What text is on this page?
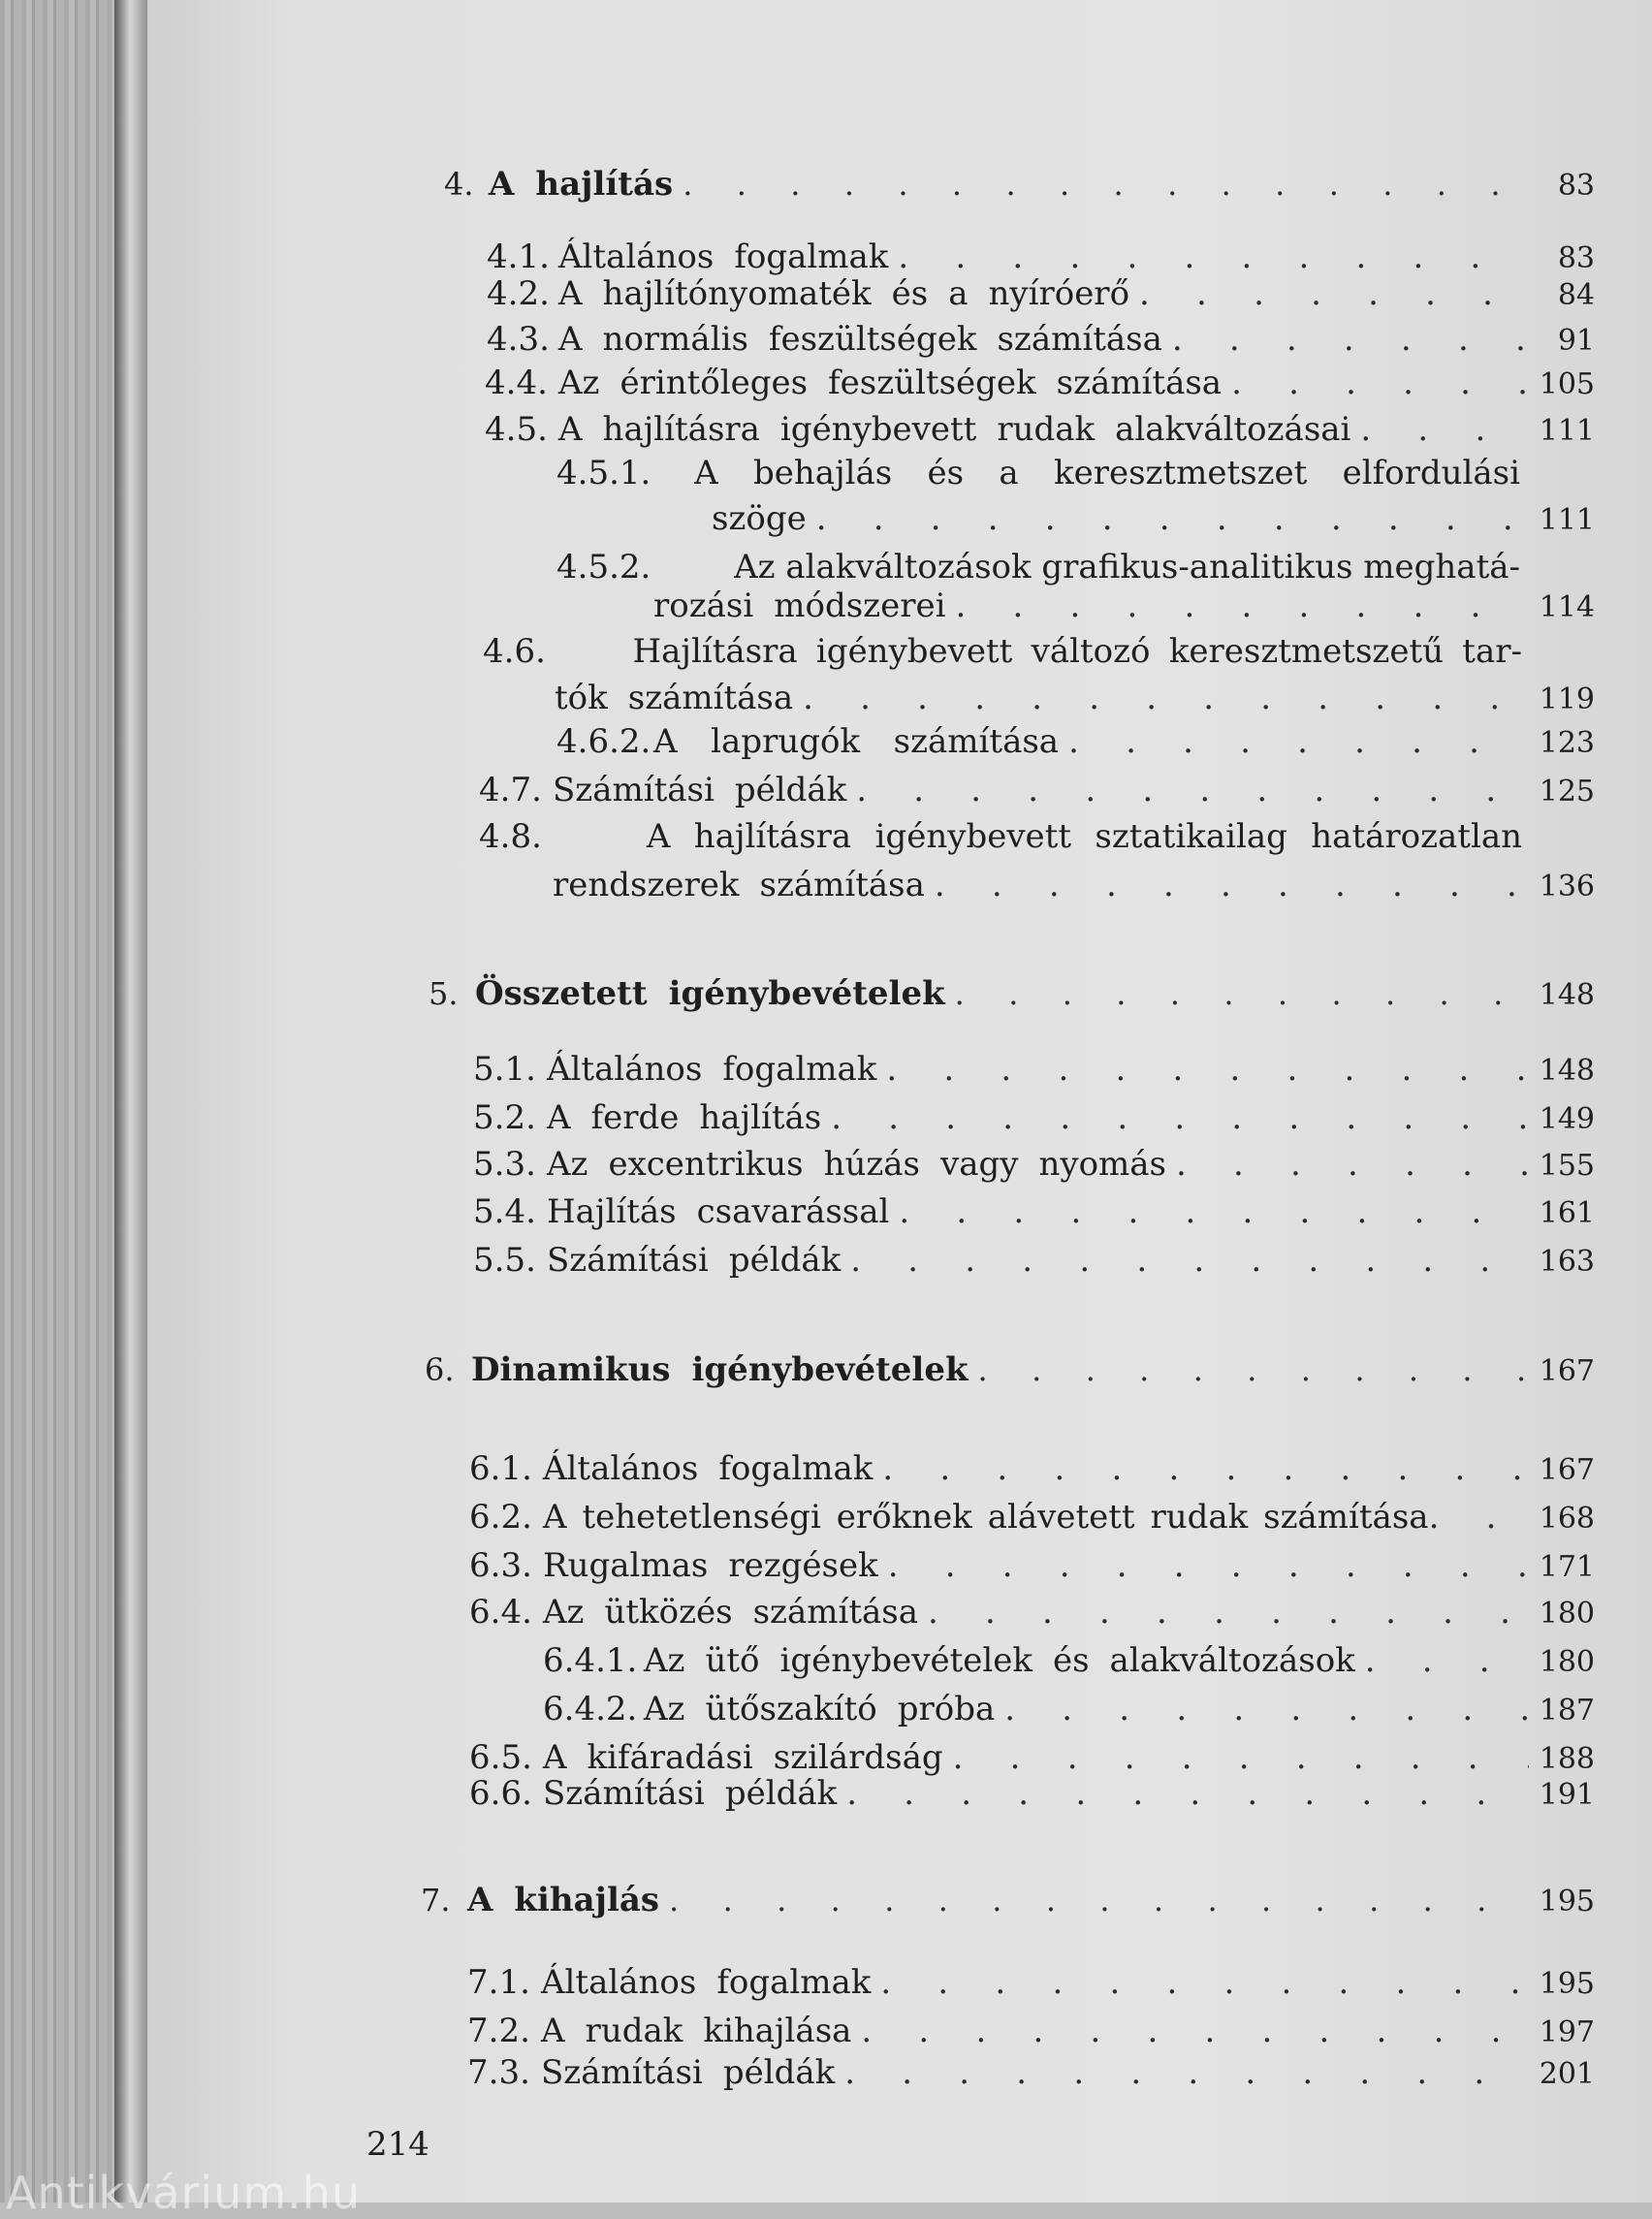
4. A hajlítás . . .	83
4.1. Általános fogalmak . . .	83
4.2. A hajlítónyomaték és a nyíróerő . . .	84
4.3. A normális feszültségek számítása . . .	91
4.4. Az érintőleges feszültségek számítása . . .	105
4.5. A hajlításra igénybevett rudak alakváltozásai . . .	111
4.5.1. A behajlás és a keresztmetszet elfordulási
szöge . . .	111
4.5.2.	Az alakváltozások grafikus-analitikus meghatá-
rozási módszerei . . .	114
4.6.	Hajlításra igénybevett változó keresztmetszetű tar-
tók számítása . . .	119
4.6.2. A laprugók számítása . . .	123
4.7. Számítási példák . . .	125
4.8.	A hajlításra igénybevett sztatikailag határozatlan
rendszerek számítása . . .	136
5. Összetett igénybevételek . . .	148
5.1. Általános fogalmak . . .	148
5.2. A ferde hajlítás . . .	149
5.3. Az excentrikus húzás vagy nyomás . . .	155
5.4. Hajlítás csavarással . . .	161
5.5. Számítási példák . . .	163
6. Dinamikus igénybevételek . . .	167
6.1. Általános fogalmak . . .	167
6.2. A tehetetlenségi erőknek alávetett rudak számítása . . .	168
6.3. Rugalmas rezgések . . .	171
6.4. Az ütközés számítása . . .	180
6.4.1. Az ütő igénybevételek és alakváltozások . . .	180
6.4.2. Az ütőszakító próba . . .	187
6.5. A kifáradási szilárdság . . .	188
6.6. Számítási példák . . .	191
7. A kihajlás . . .	195
7.1. Általános fogalmak . . .	195
7.2. A rudak kihajlása . . .	197
7.3. Számítási példák . . .	201
214
Antikvárium.hu
